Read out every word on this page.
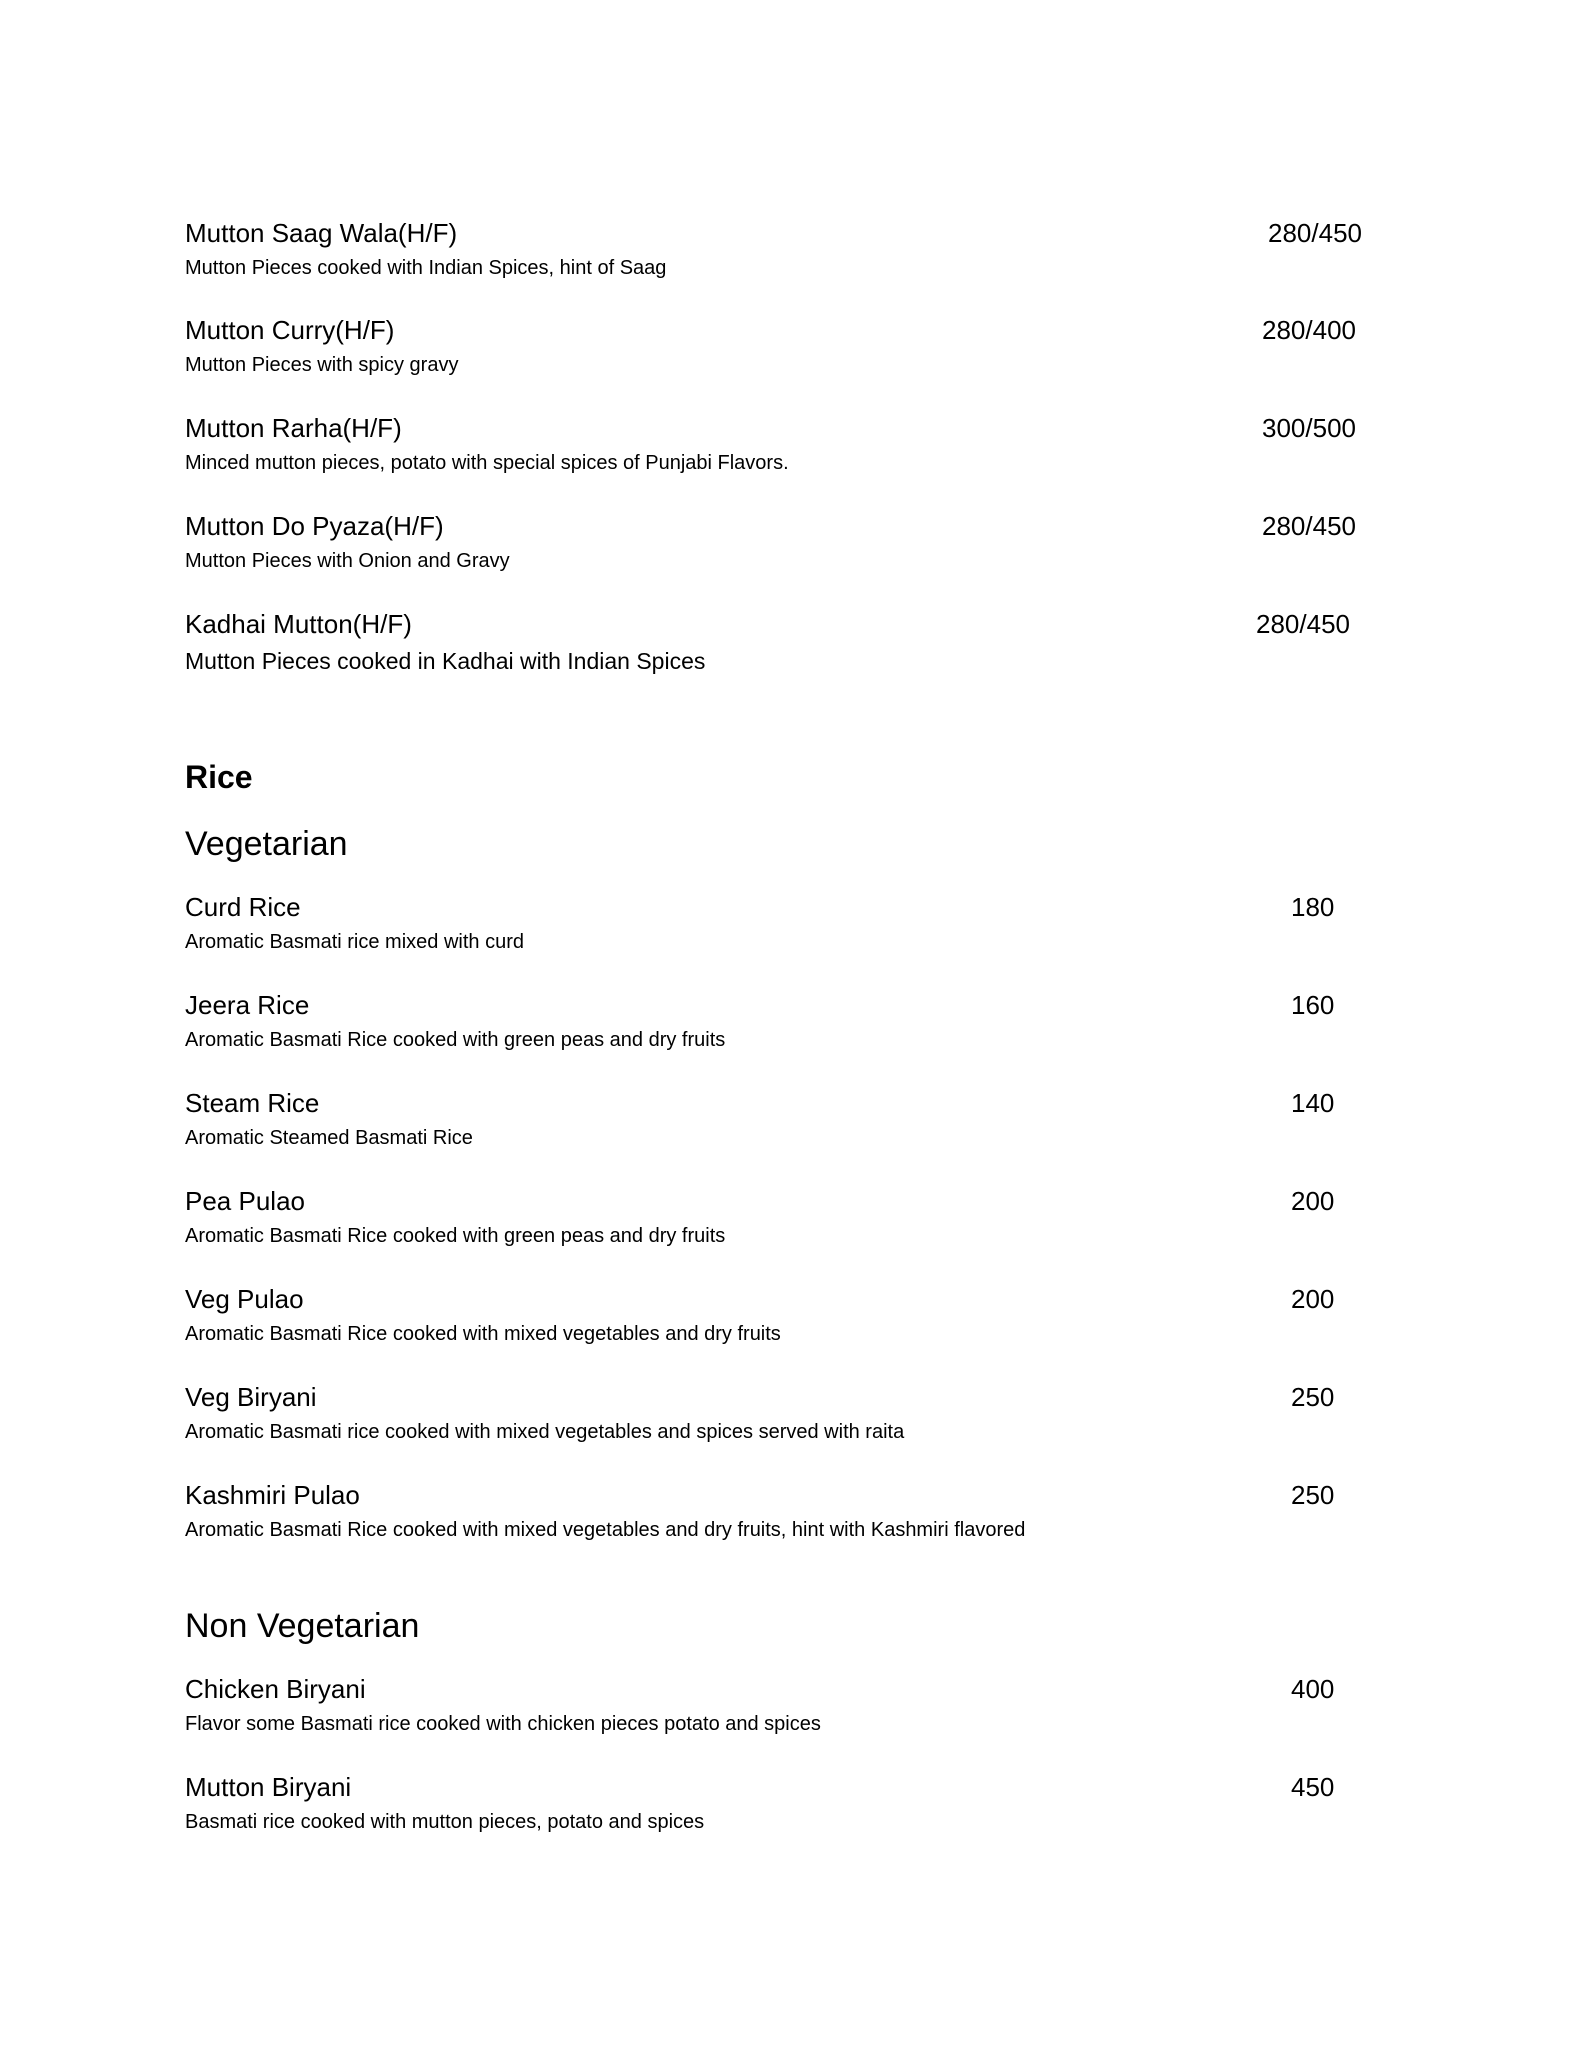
Mutton Saag Wala(H/F)
Mutton Pieces cooked with Indian Spices, hint of Saag
280/450
Mutton Curry(H/F)
Mutton Pieces with spicy gravy
280/400
Mutton Rarha(H/F)
Minced mutton pieces, potato with special spices of Punjabi Flavors.
300/500
Mutton Do Pyaza(H/F)
Mutton Pieces with Onion and Gravy
280/450
Kadhai Mutton(H/F)
Mutton Pieces cooked in Kadhai with Indian Spices
280/450
Rice
Vegetarian
Curd Rice
Aromatic Basmati rice mixed with curd
180
Jeera Rice
Aromatic Basmati Rice cooked with green peas and dry fruits
160
Steam Rice
Aromatic Steamed Basmati Rice
140
Pea Pulao
Aromatic Basmati Rice cooked with green peas and dry fruits
200
Veg Pulao
Aromatic Basmati Rice cooked with mixed vegetables and dry fruits
200
Veg Biryani
Aromatic Basmati rice cooked with mixed vegetables and spices served with raita
250
Kashmiri Pulao
Aromatic Basmati Rice cooked with mixed vegetables and dry fruits, hint with Kashmiri flavored
250
Non Vegetarian
Chicken Biryani
Flavor some Basmati rice cooked with chicken pieces potato and spices
400
Mutton Biryani
Basmati rice cooked with mutton pieces, potato and spices
450
